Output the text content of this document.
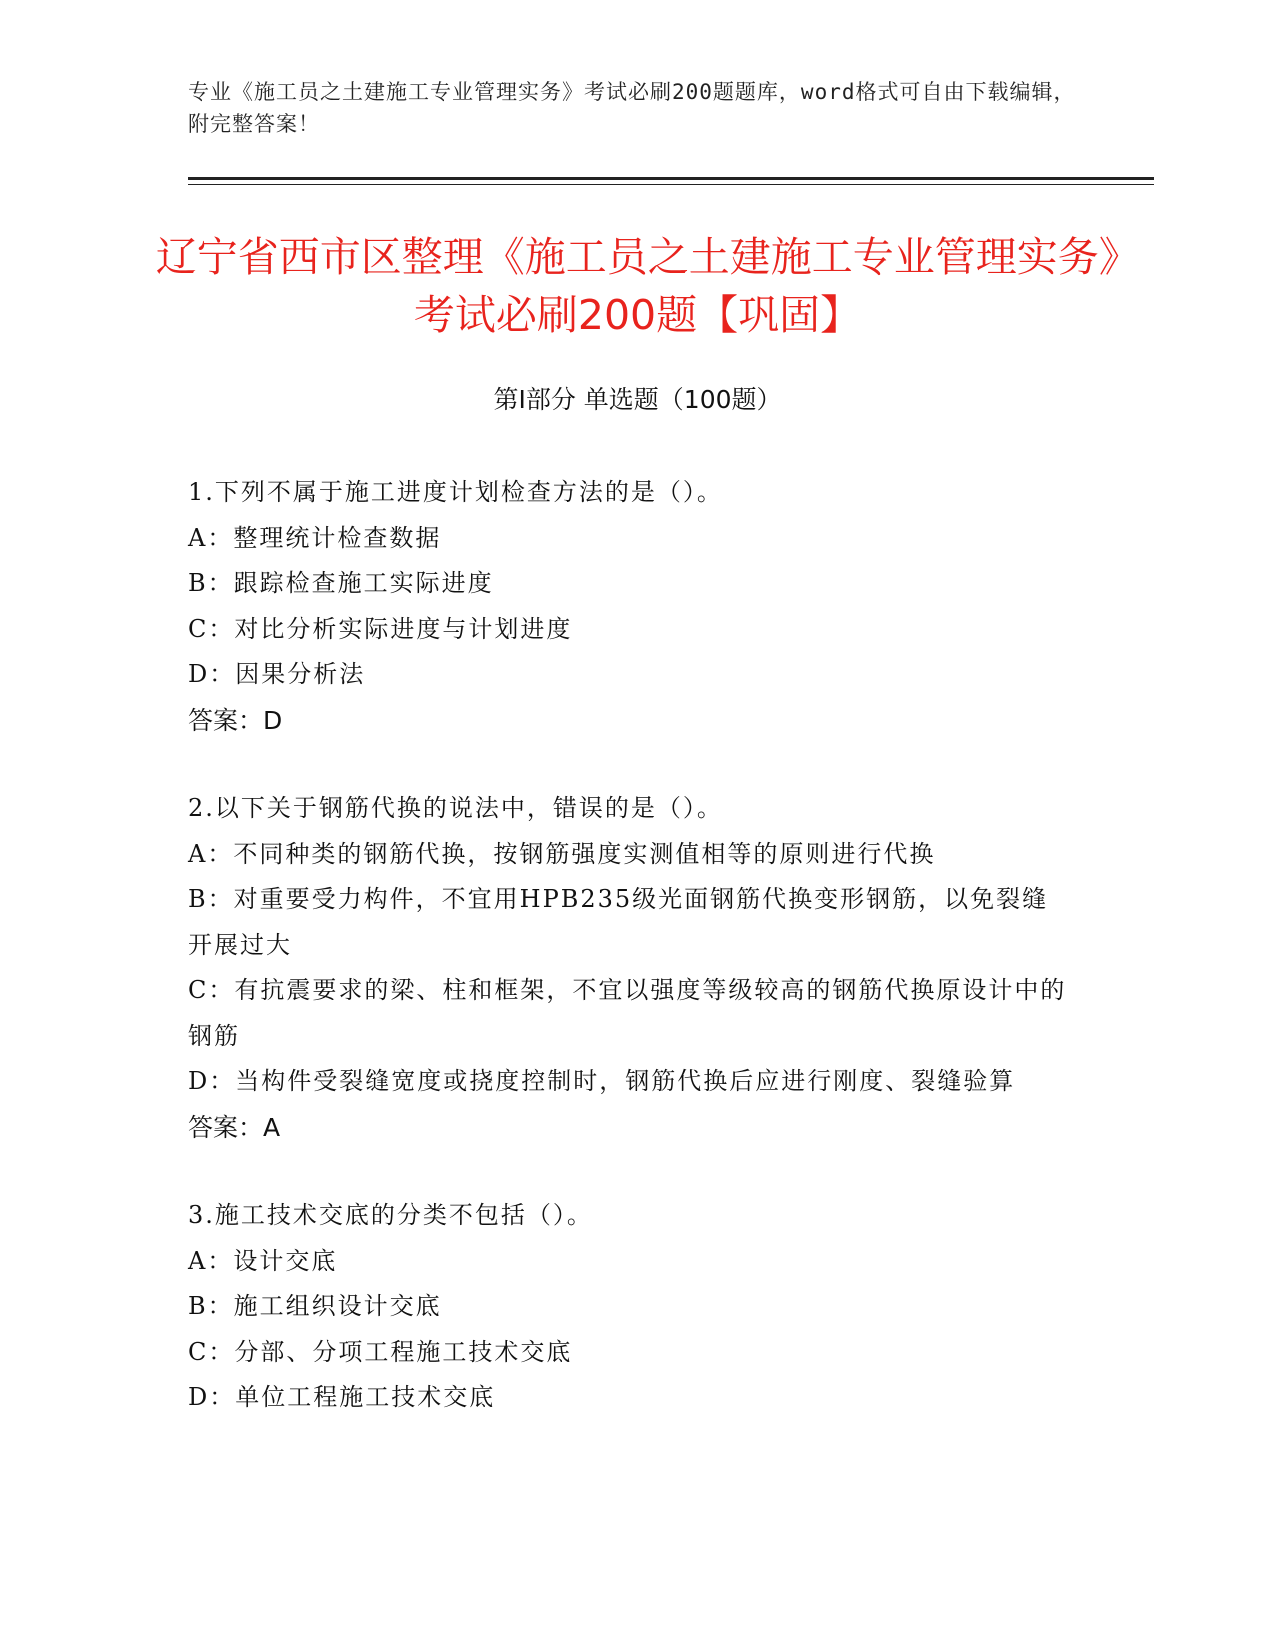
专业《施工员之土建施工专业管理实务》考试必刷200题题库，word格式可自由下载编辑，附完整答案！
辽宁省西市区整理《施工员之土建施工专业管理实务》考试必刷200题【巩固】
第I部分 单选题（100题）
1.下列不属于施工进度计划检查方法的是（）。
A：整理统计检查数据
B：跟踪检查施工实际进度
C：对比分析实际进度与计划进度
D：因果分析法
答案：D
2.以下关于钢筋代换的说法中，错误的是（）。
A：不同种类的钢筋代换，按钢筋强度实测值相等的原则进行代换
B：对重要受力构件，不宜用HPB235级光面钢筋代换变形钢筋，以免裂缝开展过大
C：有抗震要求的梁、柱和框架，不宜以强度等级较高的钢筋代换原设计中的钢筋
D：当构件受裂缝宽度或挠度控制时，钢筋代换后应进行刚度、裂缝验算
答案：A
3.施工技术交底的分类不包括（）。
A：设计交底
B：施工组织设计交底
C：分部、分项工程施工技术交底
D：单位工程施工技术交底
